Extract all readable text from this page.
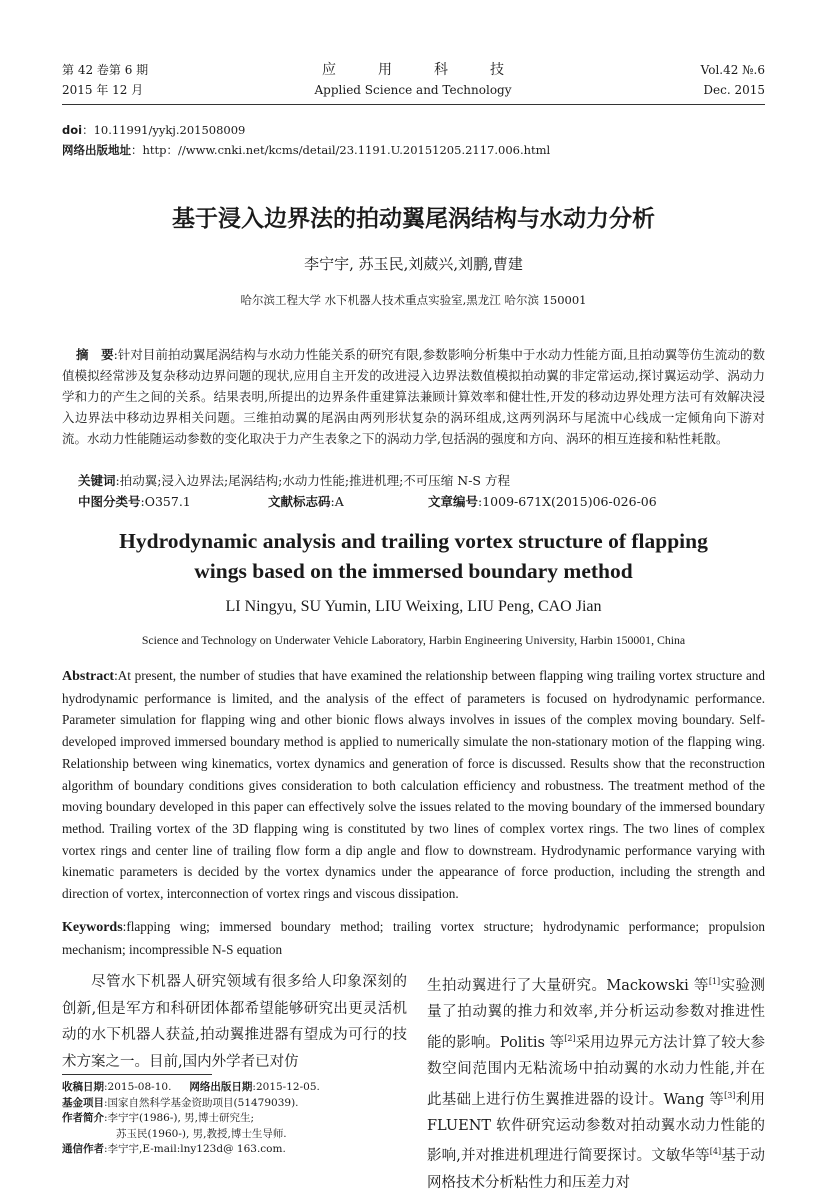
第 42 卷第 6 期
2015 年 12 月
应　　　用　　　科　　　技
Applied Science and Technology
Vol.42 №.6
Dec. 2015
doi：10.11991/yykj.201508009
网络出版地址：http：//www.cnki.net/kcms/detail/23.1191.U.20151205.2117.006.html
基于浸入边界法的拍动翼尾涡结构与水动力分析
李宁宇, 苏玉民,刘葳兴,刘鹏,曹建
哈尔滨工程大学 水下机器人技术重点实验室,黑龙江 哈尔滨 150001
摘　要:针对目前拍动翼尾涡结构与水动力性能关系的研究有限,参数影响分析集中于水动力性能方面,且拍动翼等仿生流动的数值模拟经常涉及复杂移动边界问题的现状,应用自主开发的改进浸入边界法数值模拟拍动翼的非定常运动,探讨翼运动学、涡动力学和力的产生之间的关系。结果表明,所提出的边界条件重建算法兼顾计算效率和健壮性,开发的移动边界处理方法可有效解决浸入边界法中移动边界相关问题。三维拍动翼的尾涡由两列形状复杂的涡环组成,这两列涡环与尾流中心线成一定倾角向下游对流。水动力性能随运动参数的变化取决于力产生表象之下的涡动力学,包括涡的强度和方向、涡环的相互连接和粘性耗散。
关键词:拍动翼;浸入边界法;尾涡结构;水动力性能;推进机理;不可压缩 N-S 方程
中图分类号:O357.1	文献标志码:A	文章编号:1009-671X(2015)06-026-06
Hydrodynamic analysis and trailing vortex structure of flapping
wings based on the immersed boundary method
LI Ningyu, SU Yumin, LIU Weixing, LIU Peng, CAO Jian
Science and Technology on Underwater Vehicle Laboratory, Harbin Engineering University, Harbin 150001, China
Abstract:At present, the number of studies that have examined the relationship between flapping wing trailing vortex structure and hydrodynamic performance is limited, and the analysis of the effect of parameters is focused on hydrodynamic performance. Parameter simulation for flapping wing and other bionic flows always involves in issues of the complex moving boundary. Self-developed improved immersed boundary method is applied to numerically simulate the non-stationary motion of the flapping wing. Relationship between wing kinematics, vortex dynamics and generation of force is discussed. Results show that the reconstruction algorithm of boundary conditions gives consideration to both calculation efficiency and robustness. The treatment method of the moving boundary developed in this paper can effectively solve the issues related to the moving boundary of the immersed boundary method. Trailing vortex of the 3D flapping wing is constituted by two lines of complex vortex rings. The two lines of complex vortex rings and center line of trailing flow form a dip angle and flow to downstream. Hydrodynamic performance varying with kinematic parameters is decided by the vortex dynamics under the appearance of force production, including the strength and direction of vortex, interconnection of vortex rings and viscous dissipation.
Keywords:flapping wing; immersed boundary method; trailing vortex structure; hydrodynamic performance; propulsion mechanism; incompressible N-S equation
尽管水下机器人研究领域有很多给人印象深刻的创新,但是军方和科研团体都希望能够研究出更灵活机动的水下机器人获益,拍动翼推进器有望成为可行的技术方案之一。目前,国内外学者已对仿
生拍动翼进行了大量研究。Mackowski 等[1]实验测量了拍动翼的推力和效率,并分析运动参数对推进性能的影响。Politis 等[2]采用边界元方法计算了较大参数空间范围内无粘流场中拍动翼的水动力性能,并在此基础上进行仿生翼推进器的设计。Wang 等[3]利用 FLUENT 软件研究运动参数对拍动翼水动力性能的影响,并对推进机理进行简要探讨。文敏华等[4]基于动网格技术分析粘性力和压差力对
收稿日期:2015-08-10. 网络出版日期:2015-12-05.
基金项目:国家自然科学基金资助项目(51479039).
作者简介:李宁宇(1986-), 男,博士研究生;
苏玉民(1960-), 男,教授,博士生导师.
通信作者:李宁宇,E-mail:lny123d@ 163.com.
